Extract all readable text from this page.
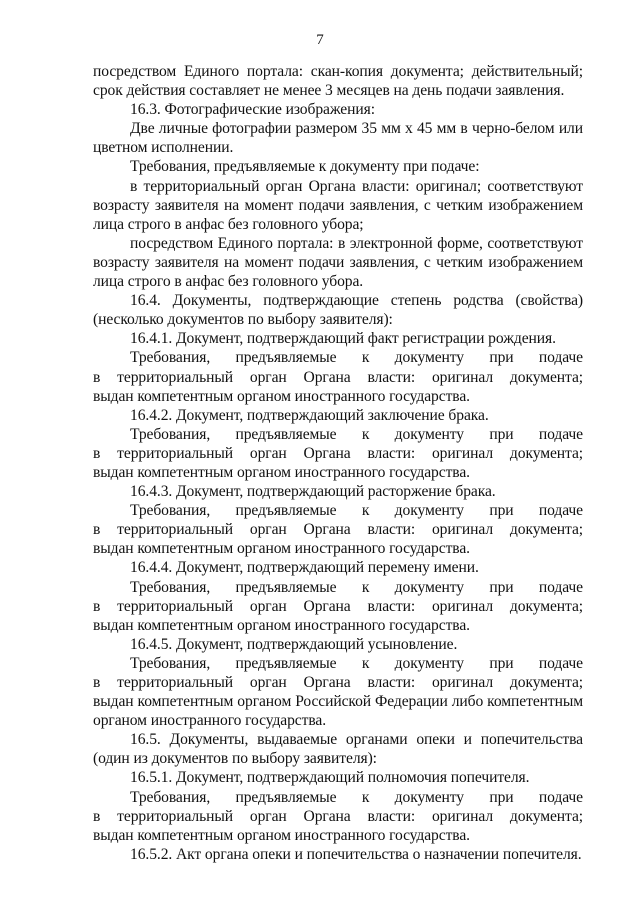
7

посредством Единого портала: скан-копия документа; действительный; срок действия составляет не менее 3 месяцев на день подачи заявления.

16.3. Фотографические изображения:

Две личные фотографии размером 35 мм х 45 мм в черно-белом или цветном исполнении.

Требования, предъявляемые к документу при подаче:

в территориальный орган Органа власти: оригинал; соответствуют возрасту заявителя на момент подачи заявления, с четким изображением лица строго в анфас без головного убора;

посредством Единого портала: в электронной форме, соответствуют возрасту заявителя на момент подачи заявления, с четким изображением лица строго в анфас без головного убора.

16.4. Документы, подтверждающие степень родства (свойства) (несколько документов по выбору заявителя):

16.4.1. Документ, подтверждающий факт регистрации рождения.

Требования, предъявляемые к документу при подаче
в территориальный орган Органа власти: оригинал документа;

выдан компетентным органом иностранного государства.

16.4.2. Документ, подтверждающий заключение брака.

Требования, предъявляемые к документу при подаче
в территориальный орган Органа власти: оригинал документа;

выдан компетентным органом иностранного государства.

16.4.3. Документ, подтверждающий расторжение брака.

Требования, предъявляемые к документу при подаче
в территориальный орган Органа власти: оригинал документа;

выдан компетентным органом иностранного государства.

16.4.4. Документ, подтверждающий перемену имени.

Требования, предъявляемые к документу при подаче
в территориальный орган Органа власти: оригинал документа;

выдан компетентным органом иностранного государства.

16.4.5. Документ, подтверждающий усыновление.

Требования, предъявляемые к документу при подаче
в территориальный орган Органа власти: оригинал документа;

выдан компетентным органом Российской Федерации либо компетентным органом иностранного государства.

16.5. Документы, выдаваемые органами опеки и попечительства (один из документов по выбору заявителя):

16.5.1. Документ, подтверждающий полномочия попечителя.

Требования, предъявляемые к документу при подаче
в территориальный орган Органа власти: оригинал документа;

выдан компетентным органом иностранного государства.

16.5.2. Акт органа опеки и попечительства о назначении попечителя.
